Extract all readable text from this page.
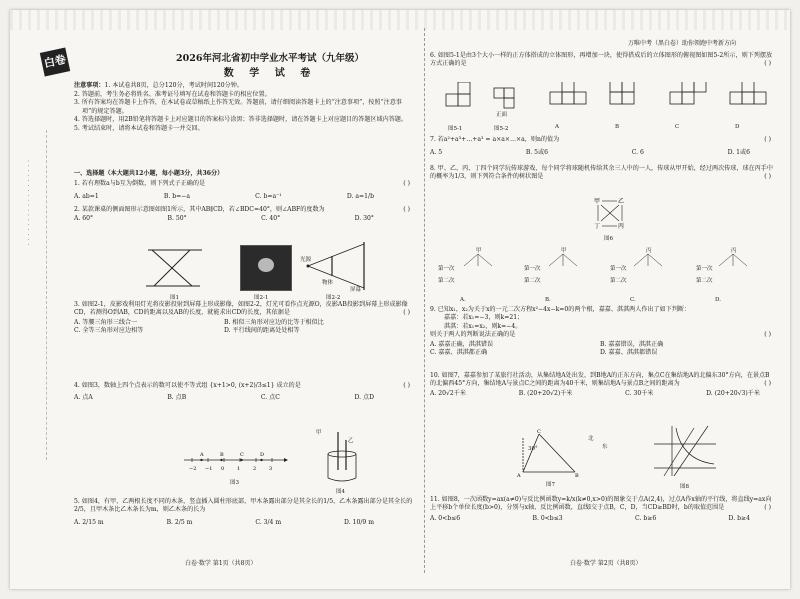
··················
万唯中考（黑白卷）助你领跑中考新方向
白卷	2026年河北省初中学业水平考试（九年级）
数 学 试 卷

注意事项：1. 本试卷共8页，总分120分，考试时间120分钟。

2. 答题前，考生务必将姓名、准考证号填写在试卷和答题卡的相应位置。

3. 所有答案均在答题卡上作答，在本试卷或草稿纸上作答无效。答题前，请仔细阅读答题卡上的“注意事项”，按照“注意事项”的规定答题。

4. 答选择题时，用2B铅笔将答题卡上对应题目的答案标号涂黑；答非选择题时，请在答题卡上对应题目的答题区域内答题。

5. 考试结束时，请将本试卷和答题卡一并交回。

一、选择题（本大题共12小题，每小题3分，共36分）
1. 若有理数a与b互为倒数，则下列式子正确的是	( )
A. ab=1	B. b=−a	C. b=a⁻¹	D. a=1/b
2. 某款课桌的侧面图形示意图如图1所示，其中AB∥CD，若∠BDC=40°，则∠ABF的度数为	( )
A. 60°	B. 50°	C. 40°	D. 30°
图1	图2-1
光源
物体
屏幕
图2-2
3. 如图2-1，皮影戏利用灯光将皮影投射到屏幕上形成影像，如图2-2，灯光可看作点光源O，皮影AB投影到屏幕上形成影像CD，若测得O到AB，CD的距离以及AB的长度，就能求出CD的长度，其依据是	( )
A. 等腰三角形三线合一	B. 相似三角形对应边的比等于相似比
C. 全等三角形对应边相等	D. 平行线间的距离处处相等
4. 如图3，数轴上四个点表示的数可以使不等式组 {x+1>0, (x+2)/3≤1} 成立的是	( )
A. 点A	B. 点B	C. 点C	D. 点D
−2 −1 0	1	2	3
A	B	C	D
图3
甲
乙
图4
5. 如图4，有甲、乙两根长度不同的木条，竖直插入圆柱形底部，甲木条露出部分是其全长的1/5，乙木条露出部分是其全长的2/5，且甲木条比乙木条长为m，则乙木条的长为
A. 2/15 m	B. 2/5 m	C. 3/4 m	D. 10/9 m
白卷·数学 第1页（共8页）
6. 如图5-1是由3个大小一样的正方体搭成的立体图形，再增加一块，使得搭成后的立体图形的俯视图如图5-2所示，则下列摆放方式正确的是	( )
图5-1	图5-2
正面
A	B	C	D
7. 若a²+a³+…+a³ = a×a×…×a，则n的值为	( )
A. 5	B. 5或6	C. 6	D. 1或6
8. 甲、乙、丙、丁四个同学玩传球游戏，每个同学将球随机传给其余三人中的一人，传球从甲开始，经过两次传球，球在丙手中的概率为1/3，则下列符合条件的树状图是	( )
甲	乙
丁	丙
图6
甲	甲	丙	丙
第一次	第一次	第一次	第一次
第二次	第二次	第二次	第二次
A.	B.	C.	D.
9. 已知x₁，x₂为关于x的一元二次方程x²−4x−k=0的两个根，嘉嘉、淇淇两人作出了如下判断：
嘉嘉：若x₁=−3，则k=21；
淇淇：若x₁=x₂，则k=−4。
则关于两人的判断说法正确的是	( )
A. 嘉嘉正确，淇淇错误	B. 嘉嘉错误，淇淇正确
C. 嘉嘉、淇淇都正确	D. 嘉嘉、淇淇都错误
10. 如图7，嘉嘉参加了某旅行社活动，从集结地A处出发，到B地A的正东方向，集点C在集结地A的北偏东30°方向，在景点B的北偏西45°方向，集结地A与景点C之间的距离为40千米，则集结地A与景点B之间的距离为	( )
A. 20√2千米	B. (20+20√2)千米	C. 30千米	D. (20+20√3)千米
A	B
C
30°
北
东
图7	图8
11. 如图8，一次函数y=ax(a≠0)与反比例函数y=k/x(k≠0,x>0)的图象交于点A(2,4)，过点A作x轴的平行线，将直线y=ax向上平移b个单位长度(b>0)，分别与x轴、反比例函数，直线l交于点B，C，D，当CD≥BD时，b的取值范围是	( )
A. 0<b≤6	B. 0<b≤3	C. b≥6	D. b≥4
白卷·数学 第2页（共8页）
